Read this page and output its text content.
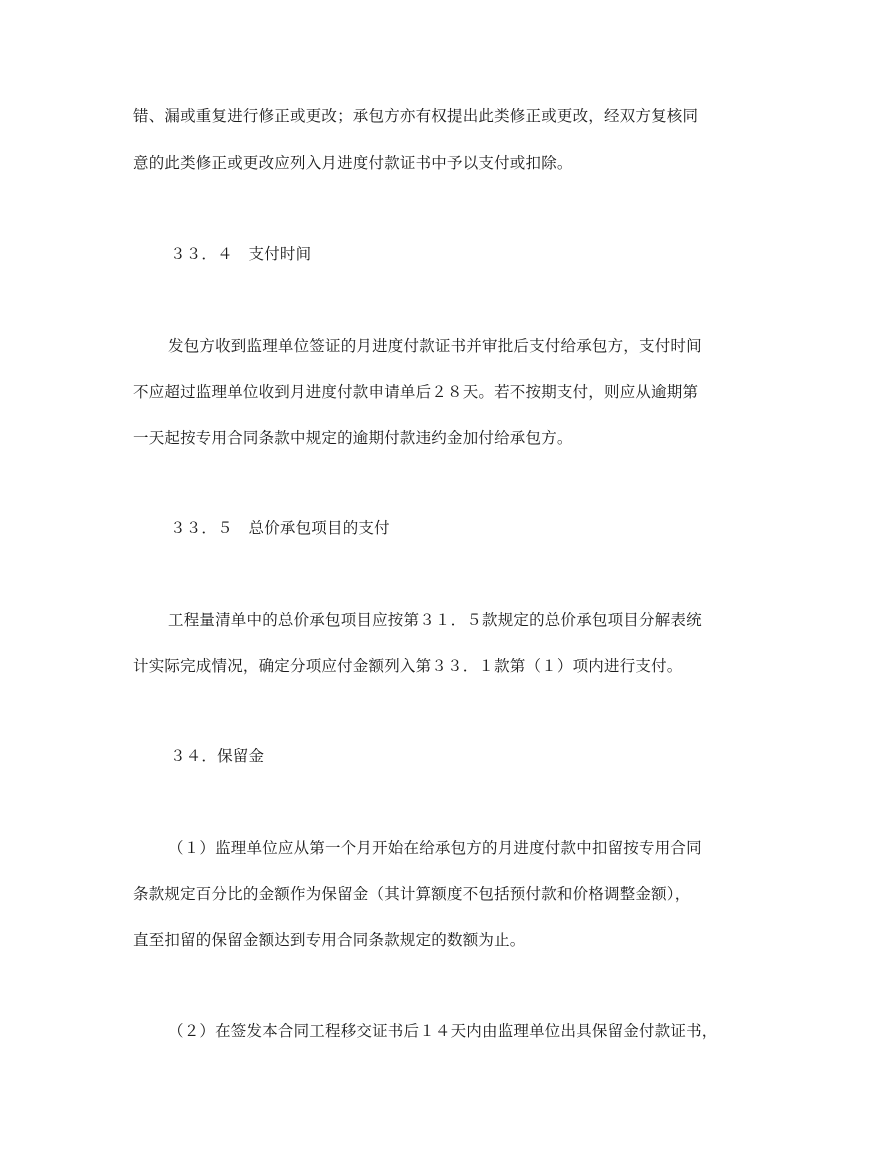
错、漏或重复进行修正或更改；承包方亦有权提出此类修正或更改，经双方复核同
意的此类修正或更改应列入月进度付款证书中予以支付或扣除。
３３．４　支付时间
发包方收到监理单位签证的月进度付款证书并审批后支付给承包方，支付时间
不应超过监理单位收到月进度付款申请单后２８天。若不按期支付，则应从逾期第
一天起按专用合同条款中规定的逾期付款违约金加付给承包方。
３３．５　总价承包项目的支付
工程量清单中的总价承包项目应按第３１．５款规定的总价承包项目分解表统
计实际完成情况，确定分项应付金额列入第３３．１款第（１）项内进行支付。
３４．保留金
（１）监理单位应从第一个月开始在给承包方的月进度付款中扣留按专用合同
条款规定百分比的金额作为保留金（其计算额度不包括预付款和价格调整金额），
直至扣留的保留金额达到专用合同条款规定的数额为止。
（２）在签发本合同工程移交证书后１４天内由监理单位出具保留金付款证书，
